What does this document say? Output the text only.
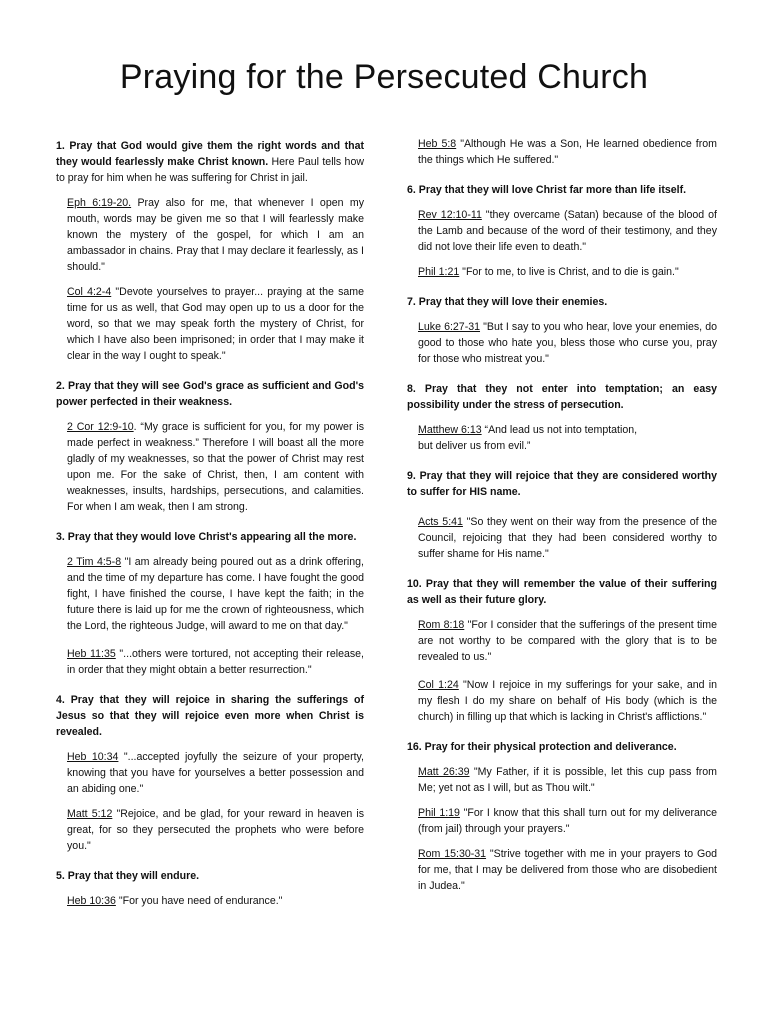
Praying for the Persecuted Church

1. Pray that God would give them the right words and that they would fearlessly make Christ known. Here Paul tells how to pray for him when he was suffering for Christ in jail.

Eph 6:19-20. Pray also for me, that whenever I open my mouth, words may be given me so that I will fearlessly make known the mystery of the gospel, for which I am an ambassador in chains. Pray that I may declare it fearlessly, as I should."

Col 4:2-4 "Devote yourselves to prayer... praying at the same time for us as well, that God may open up to us a door for the word, so that we may speak forth the mystery of Christ, for which I have also been imprisoned; in order that I may make it clear in the way I ought to speak."

2. Pray that they will see God's grace as sufficient and God's power perfected in their weakness.

2 Cor 12:9-10. “My grace is sufficient for you, for my power is made perfect in weakness.” Therefore I will boast all the more gladly of my weaknesses, so that the power of Christ may rest upon me. For the sake of Christ, then, I am content with weaknesses, insults, hardships, persecutions, and calamities. For when I am weak, then I am strong.

3. Pray that they would love Christ's appearing all the more.

2 Tim 4:5-8 "I am already being poured out as a drink offering, and the time of my departure has come. I have fought the good fight, I have finished the course, I have kept the faith; in the future there is laid up for me the crown of righteousness, which the Lord, the righteous Judge, will award to me on that day."

Heb 11:35 "...others were tortured, not accepting their release, in order that they might obtain a better resurrection."

4. Pray that they will rejoice in sharing the sufferings of Jesus so that they will rejoice even more when Christ is revealed.

Heb 10:34 "...accepted joyfully the seizure of your property, knowing that you have for yourselves a better possession and an abiding one."

Matt 5:12 "Rejoice, and be glad, for your reward in heaven is great, for so they persecuted the prophets who were before you."

5. Pray that they will endure.

Heb 10:36 "For you have need of endurance."

Heb 5:8 "Although He was a Son, He learned obedience from the things which He suffered."

6. Pray that they will love Christ far more than life itself.

Rev 12:10-11 "they overcame (Satan) because of the blood of the Lamb and because of the word of their testimony, and they did not love their life even to death."

Phil 1:21 "For to me, to live is Christ, and to die is gain."

7. Pray that they will love their enemies.

Luke 6:27-31 "But I say to you who hear, love your enemies, do good to those who hate you, bless those who curse you, pray for those who mistreat you."

8. Pray that they not enter into temptation; an easy possibility under the stress of persecution.

Matthew 6:13 “And lead us not into temptation,
but deliver us from evil.”

9. Pray that they will rejoice that they are considered worthy to suffer for HIS name.

Acts 5:41 "So they went on their way from the presence of the Council, rejoicing that they had been considered worthy to suffer shame for His name."

10. Pray that they will remember the value of their suffering as well as their future glory.

Rom 8:18 "For I consider that the sufferings of the present time are not worthy to be compared with the glory that is to be revealed to us."

Col 1:24 "Now I rejoice in my sufferings for your sake, and in my flesh I do my share on behalf of His body (which is the church) in filling up that which is lacking in Christ's afflictions."

16. Pray for their physical protection and deliverance.

Matt 26:39 "My Father, if it is possible, let this cup pass from Me; yet not as I will, but as Thou wilt."

Phil 1:19 "For I know that this shall turn out for my deliverance (from jail) through your prayers."

Rom 15:30-31 "Strive together with me in your prayers to God for me, that I may be delivered from those who are disobedient in Judea."
